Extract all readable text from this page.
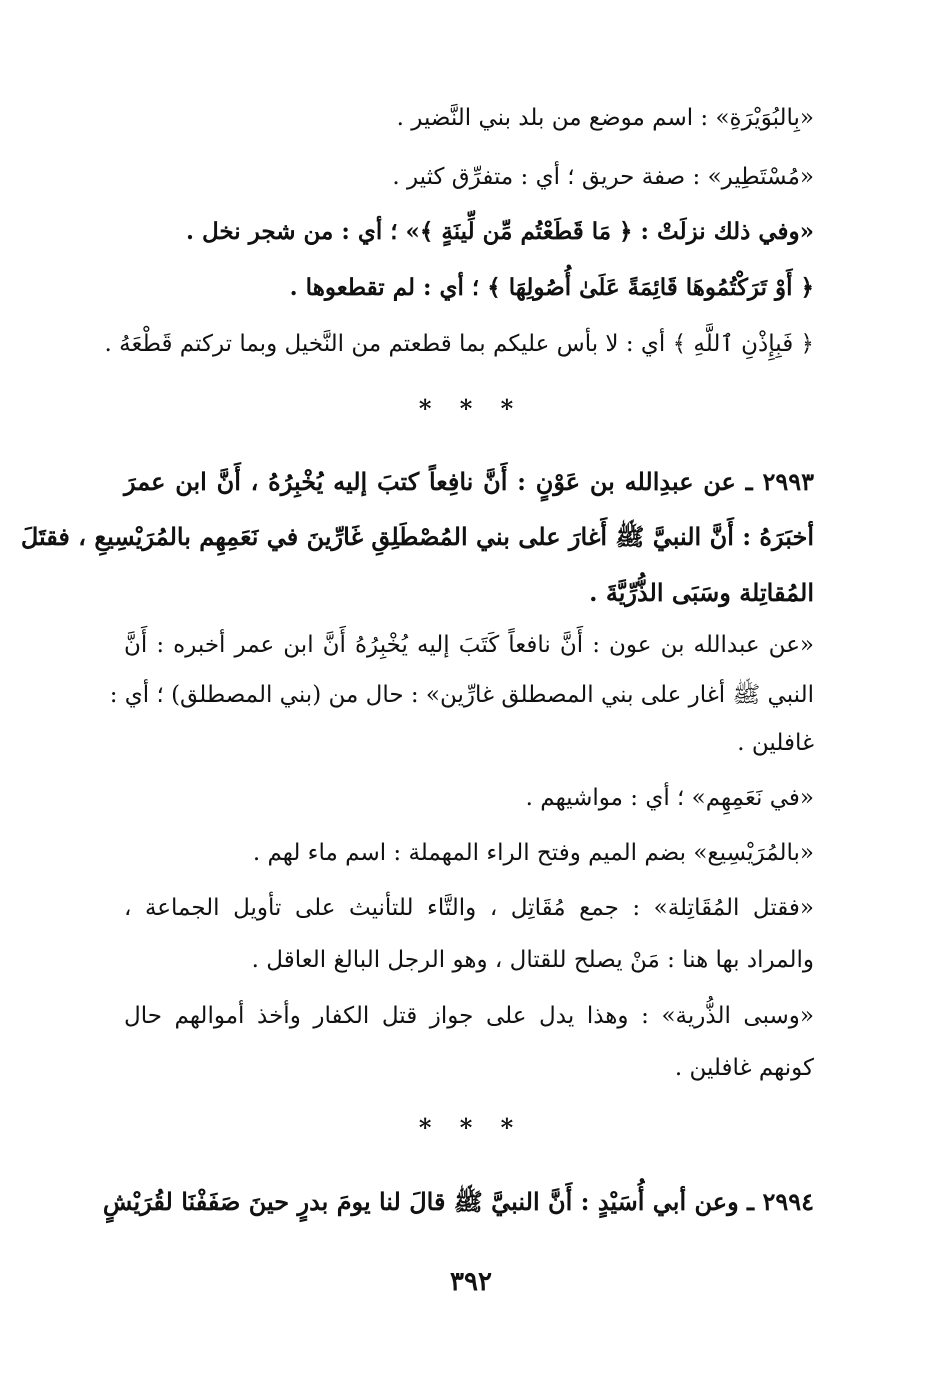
«بِالبُوَيْرَةِ» : اسم موضع من بلد بني النَّضير .
«مُسْتَطِير» : صفة حريق ؛ أي : متفرِّق كثير .
«وفي ذلك نزلَتْ : ﴿ مَا قَطَعْتُم مِّن لِّينَةٍ ﴾» ؛ أي : من شجر نخل .
﴿ أَوْ تَرَكْتُمُوهَا قَائِمَةً عَلَىٰ أُصُولِهَا ﴾ ؛ أي : لم تقطعوها .
﴿ فَبِإِذْنِ ٱللَّهِ ﴾ أي : لا بأس عليكم بما قطعتم من النَّخيل وبما تركتم قَطْعَهُ .
* * *
٢٩٩٣ ـ عن عبدِالله بن عَوْنٍ : أَنَّ نافِعاً كتبَ إليه يُخْبِرُهُ ، أَنَّ ابن عمرَ
أخبَرَهُ : أَنَّ النبيَّ ﷺ أَغارَ على بني المُصْطَلِقِ غَارِّينَ في نَعَمِهِم بالمُرَيْسِيعِ ، فقتَلَ
المُقاتِلة وسَبَى الذُّرِّيَّةَ .
«عن عبدالله بن عون : أَنَّ نافعاً كَتَبَ إليه يُخْبِرُهُ أَنَّ ابن عمر أخبره : أَنَّ
النبي ﷺ أغار على بني المصطلق غارِّين» : حال من (بني المصطلق) ؛ أي :
غافلين .
«في نَعَمِهِم» ؛ أي : مواشيهم .
«بالمُرَيْسِيع» بضم الميم وفتح الراء المهملة : اسم ماء لهم .
«فقتل المُقَاتِلة» : جمع مُقَاتِل ، والتَّاء للتأنيث على تأويل الجماعة ،
والمراد بها هنا : مَنْ يصلح للقتال ، وهو الرجل البالغ العاقل .
«وسبى الذُّرية» : وهذا يدل على جواز قتل الكفار وأخذ أموالهم حال
كونهم غافلين .
* * *
٢٩٩٤ ـ وعن أبي أُسَيْدٍ : أَنَّ النبيَّ ﷺ قالَ لنا يومَ بدرٍ حينَ صَفَفْنَا لقُرَيْشٍ
٣٩٢
